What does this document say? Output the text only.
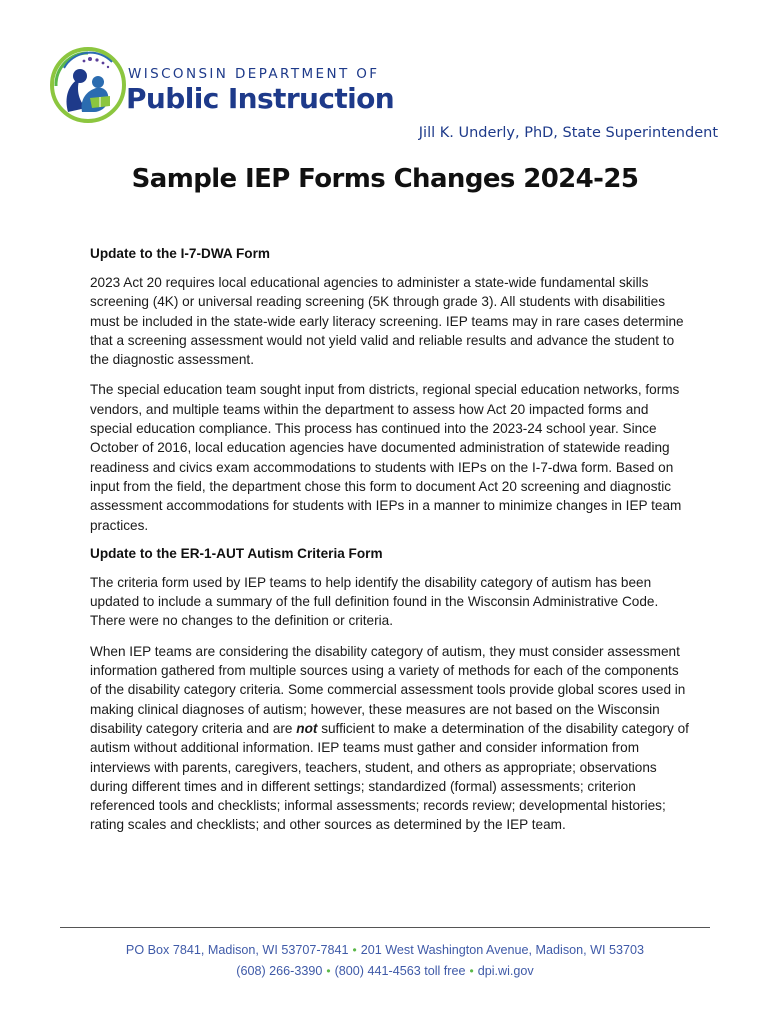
WISCONSIN DEPARTMENT OF
Public Instruction
Jill K. Underly, PhD, State Superintendent
Sample IEP Forms Changes 2024-25
Update to the I-7-DWA Form

2023 Act 20 requires local educational agencies to administer a state-wide fundamental skills screening (4K) or universal reading screening (5K through grade 3). All students with disabilities must be included in the state-wide early literacy screening. IEP teams may in rare cases determine that a screening assessment would not yield valid and reliable results and advance the student to the diagnostic assessment.

The special education team sought input from districts, regional special education networks, forms vendors, and multiple teams within the department to assess how Act 20 impacted forms and special education compliance. This process has continued into the 2023-24 school year. Since October of 2016, local education agencies have documented administration of statewide reading readiness and civics exam accommodations to students with IEPs on the I-7-dwa form. Based on input from the field, the department chose this form to document Act 20 screening and diagnostic assessment accommodations for students with IEPs in a manner to minimize changes in IEP team practices.

Update to the ER-1-AUT Autism Criteria Form

The criteria form used by IEP teams to help identify the disability category of autism has been updated to include a summary of the full definition found in the Wisconsin Administrative Code. There were no changes to the definition or criteria.

When IEP teams are considering the disability category of autism, they must consider assessment information gathered from multiple sources using a variety of methods for each of the components of the disability category criteria. Some commercial assessment tools provide global scores used in making clinical diagnoses of autism; however, these measures are not based on the Wisconsin disability category criteria and are not sufficient to make a determination of the disability category of autism without additional information. IEP teams must gather and consider information from interviews with parents, caregivers, teachers, student, and others as appropriate; observations during different times and in different settings; standardized (formal) assessments; criterion referenced tools and checklists; informal assessments; records review; developmental histories; rating scales and checklists; and other sources as determined by the IEP team.

PO Box 7841, Madison, WI 53707-7841 • 201 West Washington Avenue, Madison, WI 53703
(608) 266-3390 • (800) 441-4563 toll free • dpi.wi.gov
